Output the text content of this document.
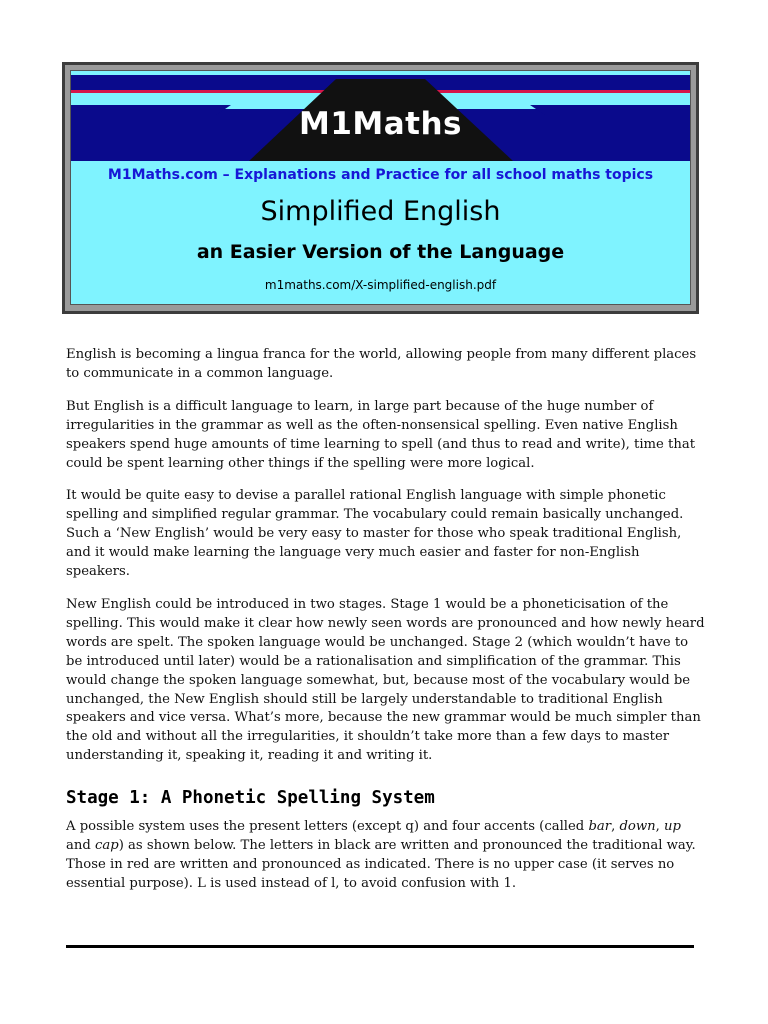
M1Maths
M1Maths.com – Explanations and Practice for all school maths topics
Simplified English
an Easier Version of the Language
m1maths.com/X-simplified-english.pdf

English is becoming a lingua franca for the world, allowing people from many different places to communicate in a common language.

But English is a difficult language to learn, in large part because of the huge number of irregularities in the grammar as well as the often-nonsensical spelling. Even native English speakers spend huge amounts of time learning to spell (and thus to read and write), time that could be spent learning other things if the spelling were more logical.

It would be quite easy to devise a parallel rational English language with simple phonetic spelling and simplified regular grammar. The vocabulary could remain basically unchanged. Such a ‘New English’ would be very easy to master for those who speak traditional English, and it would make learning the language very much easier and faster for non-English speakers.

New English could be introduced in two stages. Stage 1 would be a phoneticisation of the spelling. This would make it clear how newly seen words are pronounced and how newly heard words are spelt. The spoken language would be unchanged. Stage 2 (which wouldn’t have to be introduced until later) would be a rationalisation and simplification of the grammar. This would change the spoken language somewhat, but, because most of the vocabulary would be unchanged, the New English should still be largely understandable to traditional English speakers and vice versa. What’s more, because the new grammar would be much simpler than the old and without all the irregularities, it shouldn’t take more than a few days to master understanding it, speaking it, reading it and writing it.

Stage 1: A Phonetic Spelling System

A possible system uses the present letters (except q) and four accents (called bar, down, up and cap) as shown below. The letters in black are written and pronounced the traditional way. Those in red are written and pronounced as indicated. There is no upper case (it serves no essential purpose). L is used instead of l, to avoid confusion with 1.
